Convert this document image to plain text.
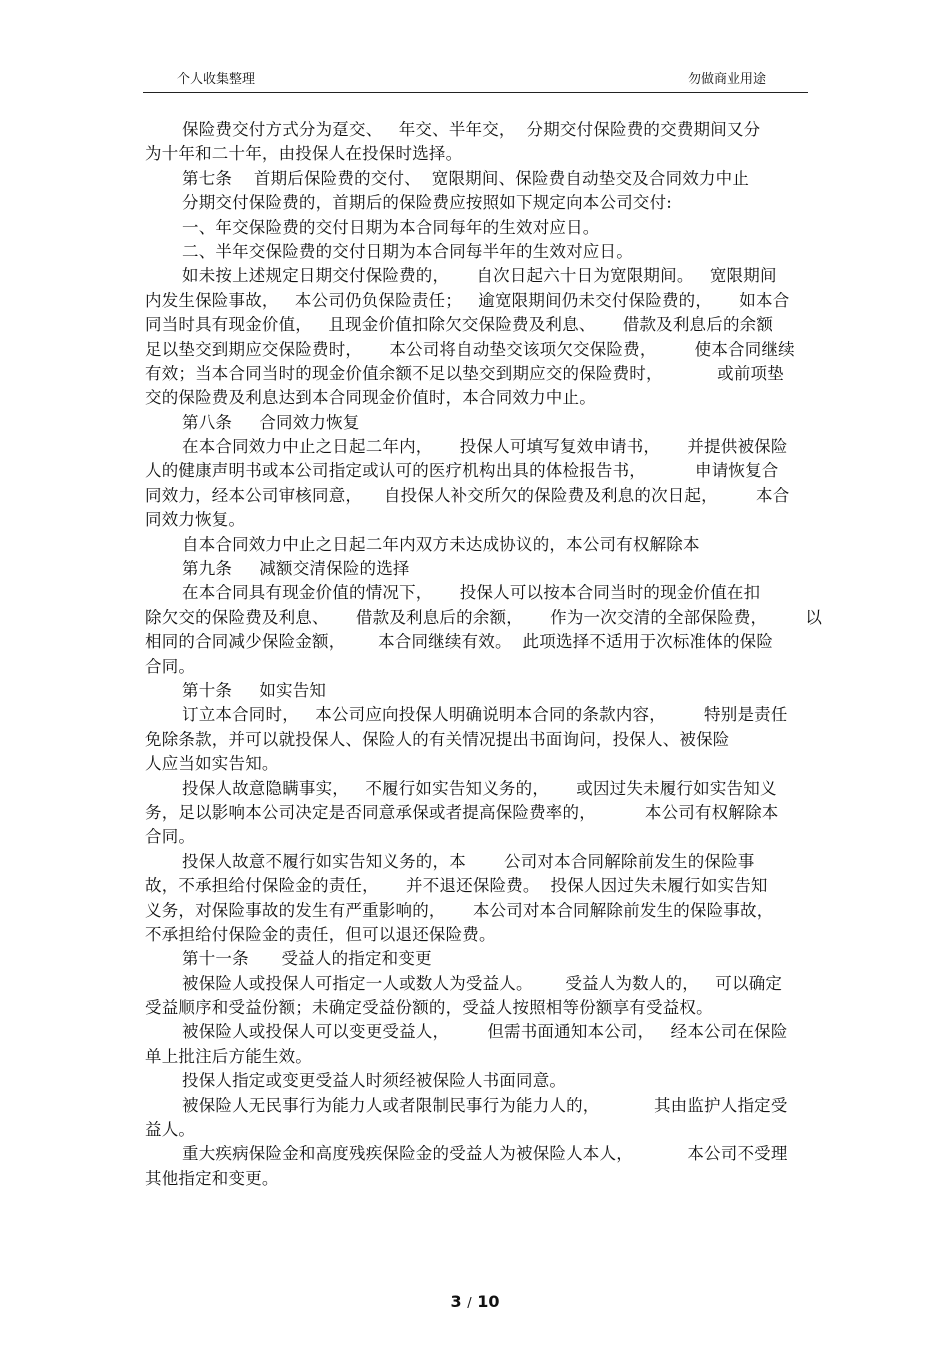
个人收集整理	勿做商业用途
保险费交付方式分为趸交、   年交、半年交，  分期交付保险费的交费期间又分
为十年和二十年，由投保人在投保时选择。
第七条    首期后保险费的交付、  宽限期间、保险费自动垫交及合同效力中止
分期交付保险费的，首期后的保险费应按照如下规定向本公司交付:
一、年交保险费的交付日期为本合同每年的生效对应日。
二、半年交保险费的交付日期为本合同每半年的生效对应日。
如未按上述规定日期交付保险费的，     自次日起六十日为宽限期间。   宽限期间
内发生保险事故，   本公司仍负保险责任；   逾宽限期间仍未交付保险费的，     如本合
同当时具有现金价值，   且现金价值扣除欠交保险费及利息、     借款及利息后的余额
足以垫交到期应交保险费时，     本公司将自动垫交该项欠交保险费，       使本合同继续
有效；当本合同当时的现金价值余额不足以垫交到期应交的保险费时，          或前项垫
交的保险费及利息达到本合同现金价值时，本合同效力中止。
第八条     合同效力恢复
在本合同效力中止之日起二年内，     投保人可填写复效申请书，     并提供被保险
人的健康声明书或本公司指定或认可的医疗机构出具的体检报告书，         申请恢复合
同效力，经本公司审核同意，    自投保人补交所欠的保险费及利息的次日起，       本合
同效力恢复。
自本合同效力中止之日起二年内双方未达成协议的，本公司有权解除本
第九条     减额交清保险的选择
在本合同具有现金价值的情况下，     投保人可以按本合同当时的现金价值在扣
除欠交的保险费及利息、     借款及利息后的余额，     作为一次交清的全部保险费，       以
相同的合同减少保险金额，      本合同继续有效。  此项选择不适用于次标准体的保险
合同。
第十条     如实告知
订立本合同时，   本公司应向投保人明确说明本合同的条款内容，       特别是责任
免除条款，并可以就投保人、保险人的有关情况提出书面询问，投保人、被保险
人应当如实告知。
投保人故意隐瞒事实，   不履行如实告知义务的，     或因过失未履行如实告知义
务，足以影响本公司决定是否同意承保或者提高保险费率的，         本公司有权解除本
合同。
投保人故意不履行如实告知义务的，本       公司对本合同解除前发生的保险事
故，不承担给付保险金的责任，     并不退还保险费。  投保人因过失未履行如实告知
义务，对保险事故的发生有严重影响的，     本公司对本合同解除前发生的保险事故，
不承担给付保险金的责任，但可以退还保险费。
第十一条      受益人的指定和变更
被保险人或投保人可指定一人或数人为受益人。      受益人为数人的，   可以确定
受益顺序和受益份额；未确定受益份额的，受益人按照相等份额享有受益权。
被保险人或投保人可以变更受益人，       但需书面通知本公司，   经本公司在保险
单上批注后方能生效。
投保人指定或变更受益人时须经被保险人书面同意。
被保险人无民事行为能力人或者限制民事行为能力人的，          其由监护人指定受
益人。
重大疾病保险金和高度残疾保险金的受益人为被保险人本人，          本公司不受理
其他指定和变更。
3 / 10
